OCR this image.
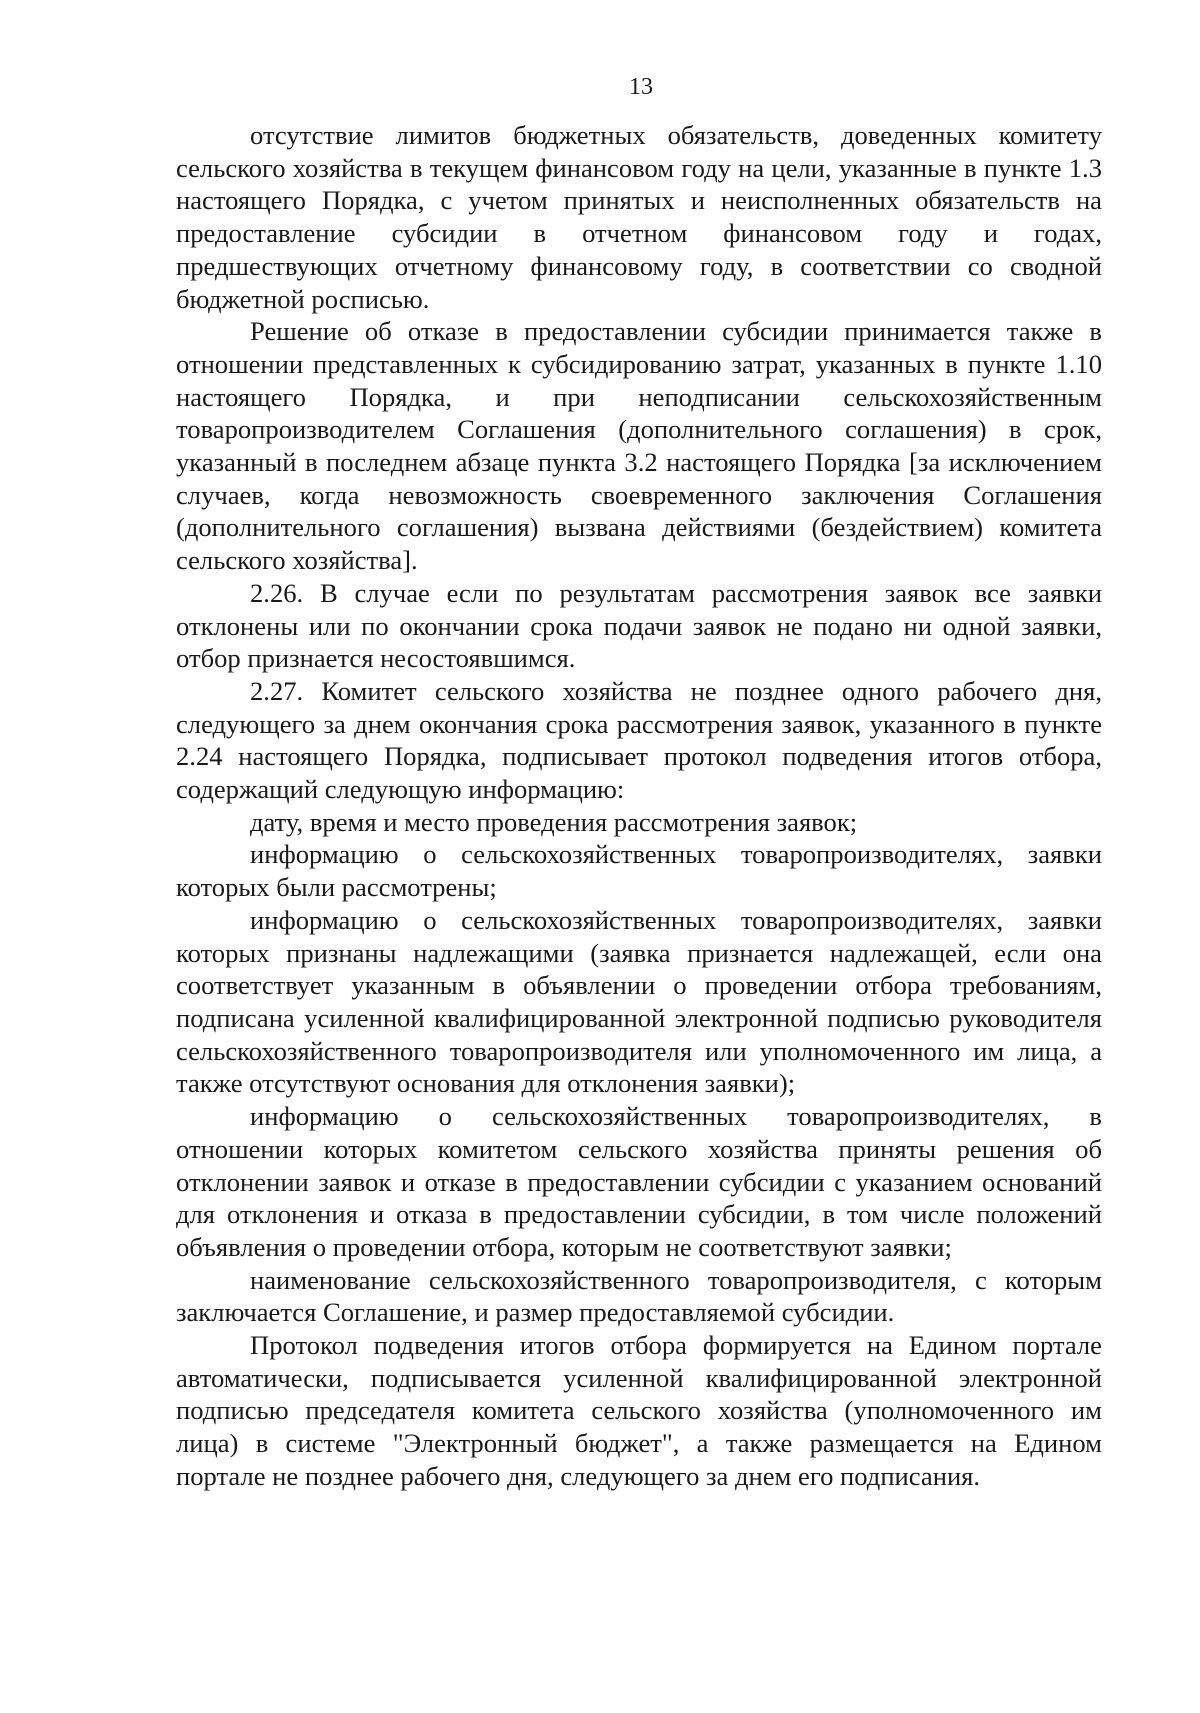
13

отсутствие лимитов бюджетных обязательств, доведенных комитету сельского хозяйства в текущем финансовом году на цели, указанные в пункте 1.3 настоящего Порядка, с учетом принятых и неисполненных обязательств на предоставление субсидии в отчетном финансовом году и годах, предшествующих отчетному финансовому году, в соответствии со сводной бюджетной росписью.

Решение об отказе в предоставлении субсидии принимается также в отношении представленных к субсидированию затрат, указанных в пункте 1.10 настоящего Порядка, и при неподписании сельскохозяйственным товаропроизводителем Соглашения (дополнительного соглашения) в срок, указанный в последнем абзаце пункта 3.2 настоящего Порядка [за исключением случаев, когда невозможность своевременного заключения Соглашения (дополнительного соглашения) вызвана действиями (бездействием) комитета сельского хозяйства].

2.26. В случае если по результатам рассмотрения заявок все заявки отклонены или по окончании срока подачи заявок не подано ни одной заявки, отбор признается несостоявшимся.

2.27. Комитет сельского хозяйства не позднее одного рабочего дня, следующего за днем окончания срока рассмотрения заявок, указанного в пункте 2.24 настоящего Порядка, подписывает протокол подведения итогов отбора, содержащий следующую информацию:

дату, время и место проведения рассмотрения заявок;

информацию о сельскохозяйственных товаропроизводителях, заявки которых были рассмотрены;

информацию о сельскохозяйственных товаропроизводителях, заявки которых признаны надлежащими (заявка признается надлежащей, если она соответствует указанным в объявлении о проведении отбора требованиям, подписана усиленной квалифицированной электронной подписью руководителя сельскохозяйственного товаропроизводителя или уполномоченного им лица, а также отсутствуют основания для отклонения заявки);

информацию о сельскохозяйственных товаропроизводителях, в отношении которых комитетом сельского хозяйства приняты решения об отклонении заявок и отказе в предоставлении субсидии с указанием оснований для отклонения и отказа в предоставлении субсидии, в том числе положений объявления о проведении отбора, которым не соответствуют заявки;

наименование сельскохозяйственного товаропроизводителя, с которым заключается Соглашение, и размер предоставляемой субсидии.

Протокол подведения итогов отбора формируется на Едином портале автоматически, подписывается усиленной квалифицированной электронной подписью председателя комитета сельского хозяйства (уполномоченного им лица) в системе "Электронный бюджет", а также размещается на Едином портале не позднее рабочего дня, следующего за днем его подписания.
